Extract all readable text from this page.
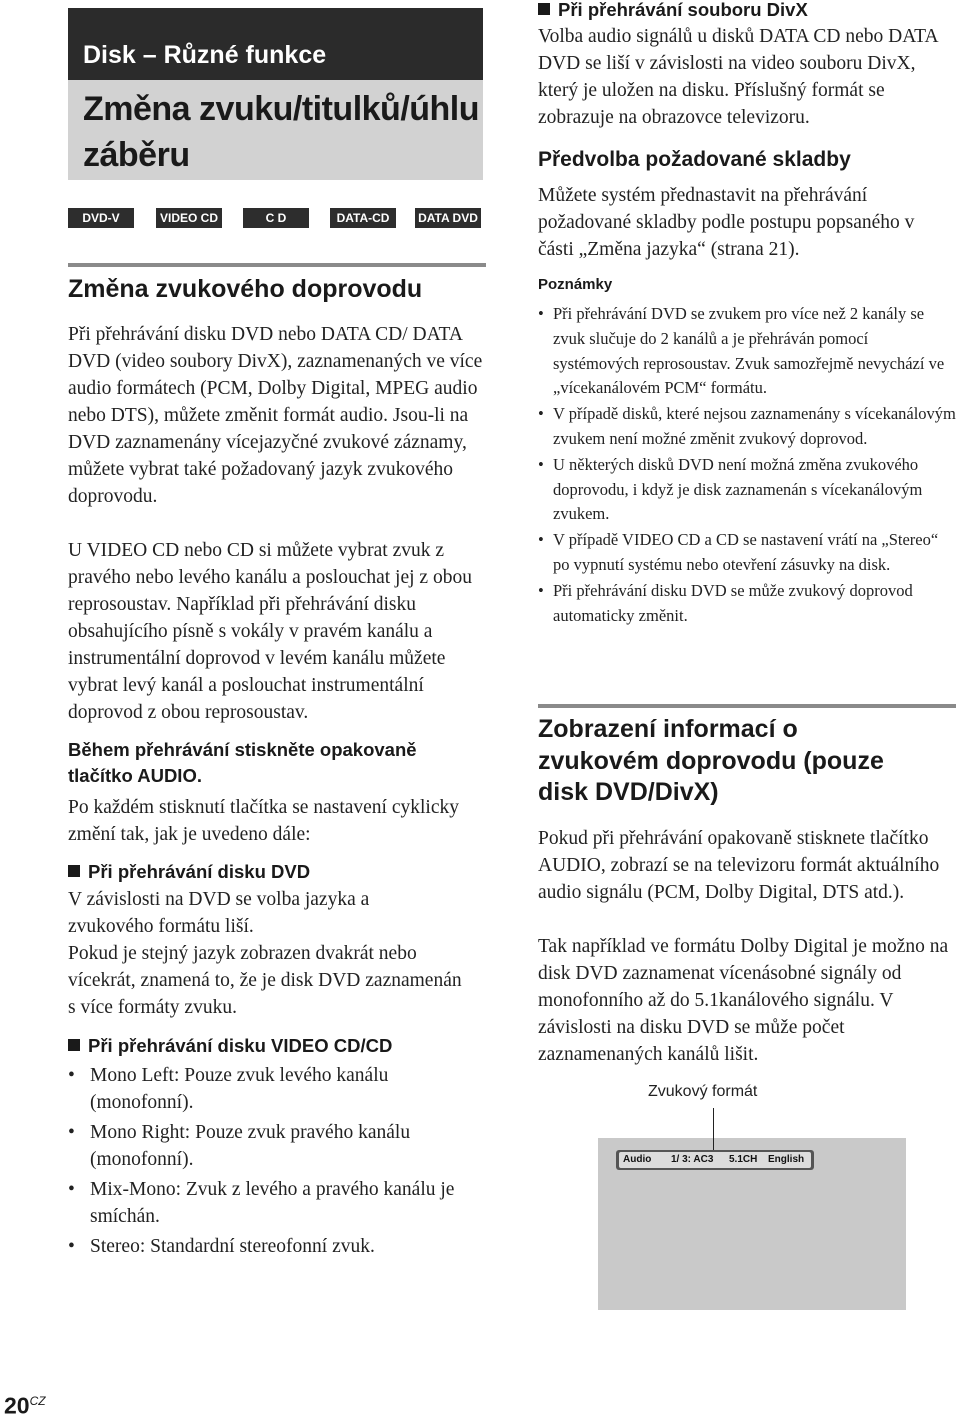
Disk – Různé funkce
Změna zvuku/titulků/úhlu záběru
DVD-V	VIDEO CD	C D	DATA-CD	DATA DVD
Změna zvukového doprovodu
Při přehrávání disku DVD nebo DATA CD/ DATA DVD (video soubory DivX), zaznamenaných ve více audio formátech (PCM, Dolby Digital, MPEG audio nebo DTS), můžete změnit formát audio. Jsou-li na DVD zaznamenány vícejazyčné zvukové záznamy, můžete vybrat také požadovaný jazyk zvukového doprovodu.
U VIDEO CD nebo CD si můžete vybrat zvuk z pravého nebo levého kanálu a poslouchat jej z obou reprosoustav. Například při přehrávání disku obsahujícího písně s vokály v pravém kanálu a instrumentální doprovod v levém kanálu můžete vybrat levý kanál a poslouchat instrumentální doprovod z obou reprosoustav.
Během přehrávání stiskněte opakovaně tlačítko AUDIO.
Po každém stisknutí tlačítka se nastavení cyklicky změní tak, jak je uvedeno dále:
Při přehrávání disku DVD
V závislosti na DVD se volba jazyka a zvukového formátu liší.
Pokud je stejný jazyk zobrazen dvakrát nebo vícekrát, znamená to, že je disk DVD zaznamenán s více formáty zvuku.
Při přehrávání disku VIDEO CD/CD
• Mono Left: Pouze zvuk levého kanálu (monofonní).
• Mono Right: Pouze zvuk pravého kanálu (monofonní).
• Mix-Mono: Zvuk z levého a pravého kanálu je smíchán.
• Stereo: Standardní stereofonní zvuk.
Při přehrávání souboru DivX
Volba audio signálů u disků DATA CD nebo DATA DVD se liší v závislosti na video souboru DivX, který je uložen na disku. Příslušný formát se zobrazuje na obrazovce televizoru.
Předvolba požadované skladby
Můžete systém přednastavit na přehrávání požadované skladby podle postupu popsaného v části „Změna jazyka“ (strana 21).
Poznámky
• Při přehrávání DVD se zvukem pro více než 2 kanály se zvuk slučuje do 2 kanálů a je přehráván pomocí systémových reprosoustav. Zvuk samozřejmě nevychází ve „vícekanálovém PCM“ formátu.
• V případě disků, které nejsou zaznamenány s vícekanálovým zvukem není možné změnit zvukový doprovod.
• U některých disků DVD není možná změna zvukového doprovodu, i když je disk zaznamenán s vícekanálovým zvukem.
• V případě VIDEO CD a CD se nastavení vrátí na „Stereo“ po vypnutí systému nebo otevření zásuvky na disk.
• Při přehrávání disku DVD se může zvukový doprovod automaticky změnit.
Zobrazení informací o zvukovém doprovodu (pouze disk DVD/DivX)
Pokud při přehrávání opakovaně stisknete tlačítko AUDIO, zobrazí se na televizoru formát aktuálního audio signálu (PCM, Dolby Digital, DTS atd.).
Tak například ve formátu Dolby Digital je možno na disk DVD zaznamenat vícenásobné signály od monofonního až do 5.1kanálového signálu. V závislosti na disku DVD se může počet zaznamenaných kanálů lišit.
Zvukový formát
Audio 1/ 3: AC3 5.1CH English
$20^{CZ}$
